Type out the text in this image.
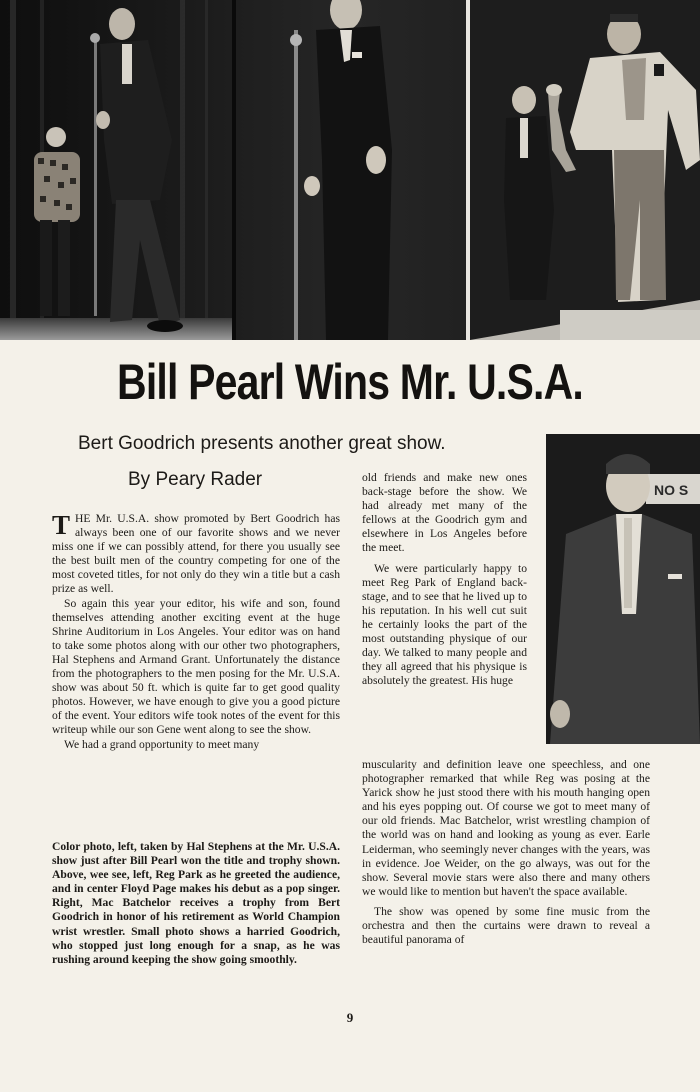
Bill Pearl Wins Mr. U.S.A.
Bert Goodrich presents another great show.
By Peary Rader

THE Mr. U.S.A. show promoted by Bert Goodrich has always been one of our favorite shows and we never miss one if we can possibly attend, for there you usually see the best built men of the country competing for one of the most coveted titles, for not only do they win a title but a cash prize as well.

So again this year your editor, his wife and son, found themselves attending another exciting event at the huge Shrine Auditorium in Los Angeles. Your editor was on hand to take some photos along with our other two photographers, Hal Stephens and Armand Grant. Unfortunately the distance from the photographers to the men posing for the Mr. U.S.A. show was about 50 ft. which is quite far to get good quality photos. However, we have enough to give you a good picture of the event. Your editors wife took notes of the event for this writeup while our son Gene went along to see the show.

We had a grand opportunity to meet many

Color photo, left, taken by Hal Stephens at the Mr. U.S.A. show just after Bill Pearl won the title and trophy shown. Above, wee see, left, Reg Park as he greeted the audience, and in center Floyd Page makes his debut as a pop singer. Right, Mac Batchelor receives a trophy from Bert Goodrich in honor of his retirement as World Champion wrist wrestler. Small photo shows a harried Goodrich, who stopped just long enough for a snap, as he was rushing around keeping the show going smoothly.

old friends and make new ones back-stage before the show. We had already met many of the fellows at the Goodrich gym and elsewhere in Los Angeles before the meet.

We were particularly happy to meet Reg Park of England back-stage, and to see that he lived up to his reputation. In his well cut suit he certainly looks the part of the most outstanding physique of our day. We talked to many people and they all agreed that his physique is absolutely the greatest. His huge

NO S

muscularity and definition leave one speechless, and one photographer remarked that while Reg was posing at the Yarick show he just stood there with his mouth hanging open and his eyes popping out. Of course we got to meet many of our old friends. Mac Batchelor, wrist wrestling champion of the world was on hand and looking as young as ever. Earle Leiderman, who seemingly never changes with the years, was in evidence. Joe Weider, on the go always, was out for the show. Several movie stars were also there and many others we would like to mention but haven't the space available.

The show was opened by some fine music from the orchestra and then the curtains were drawn to reveal a beautiful panorama of

9
